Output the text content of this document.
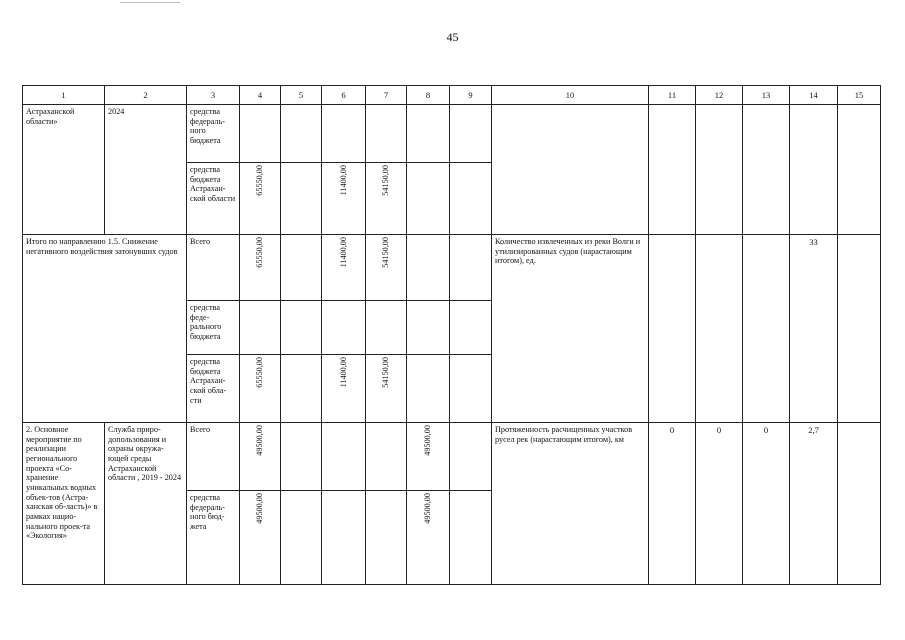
45
1	2	3	4	5	6	7	8	9	10	11	12	13	14	15
Астраханской области»	2024	средства федераль-ного бюджета												
		средства бюджета Астрахан-ской области	65550,00		11400,00	54150,00								
Итого по направлению 1.5. Снижение негативного воздействия затонувших судов		Всего	65550,00		11400,00	54150,00			Количество извлеченных из реки Волги и утилизированных судов (нарастающим итогом), ед.				33	
		средства феде-рального бюджета												
		средства бюджета Астрахан-ской обла-сти	65550,00		11400,00	54150,00								
2. Основное мероприятие по реализации регионального проекта «Со-хранение уникальных водных объек-тов (Астра-ханская об-ласть)» в рамках нацио-нального проек-та «Экология»	Служба приро-допользования и охраны окружа-ющей среды Астраханской области , 2019 - 2024	Всего	49500,00				49500,00		Протяженность расчищенных участков русел рек (нарастающим итогом), км	0	0	0	2,7	
		средства федераль-ного бюд-жета	49500,00				49500,00							
